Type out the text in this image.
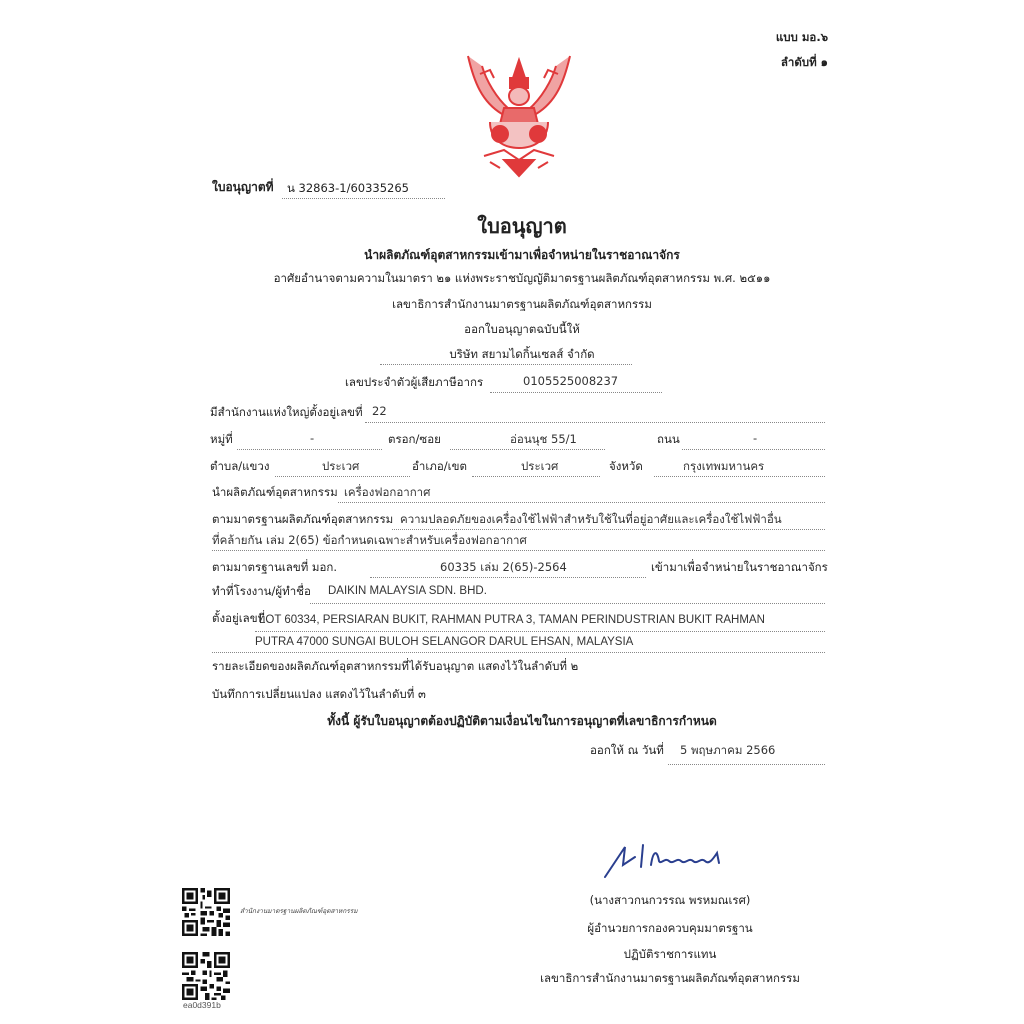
แบบ มอ.๖
ลำดับที่ ๑
ใบอนุญาตที่ น 32863-1/60335265
ใบอนุญาต
นำผลิตภัณฑ์อุตสาหกรรมเข้ามาเพื่อจำหน่ายในราชอาณาจักร
อาศัยอำนาจตามความในมาตรา ๒๑ แห่งพระราชบัญญัติมาตรฐานผลิตภัณฑ์อุตสาหกรรม พ.ศ. ๒๕๑๑
เลขาธิการสำนักงานมาตรฐานผลิตภัณฑ์อุตสาหกรรม
ออกใบอนุญาตฉบับนี้ให้
บริษัท สยามไดกิ้นเซลส์ จำกัด
เลขประจำตัวผู้เสียภาษีอากร	0105525008237
มีสำนักงานแห่งใหญ่ตั้งอยู่เลขที่ 22
หมู่ที่	-	ตรอก/ซอย	อ่อนนุช 55/1	ถนน	-
ตำบล/แขวง	ประเวศ	อำเภอ/เขต	ประเวศ	จังหวัด	กรุงเทพมหานคร
นำผลิตภัณฑ์อุตสาหกรรม เครื่องฟอกอากาศ
ตามมาตรฐานผลิตภัณฑ์อุตสาหกรรม ความปลอดภัยของเครื่องใช้ไฟฟ้าสำหรับใช้ในที่อยู่อาศัยและเครื่องใช้ไฟฟ้าอื่น
ที่คล้ายกัน เล่ม 2(65) ข้อกำหนดเฉพาะสำหรับเครื่องฟอกอากาศ
ตามมาตรฐานเลขที่ มอก.	60335 เล่ม 2(65)-2564	เข้ามาเพื่อจำหน่ายในราชอาณาจักร
ทำที่โรงงาน/ผู้ทำชื่อ DAIKIN MALAYSIA SDN. BHD.
ตั้งอยู่เลขที่
LOT 60334, PERSIARAN BUKIT, RAHMAN PUTRA 3, TAMAN PERINDUSTRIAN BUKIT RAHMAN
PUTRA 47000 SUNGAI BULOH SELANGOR DARUL EHSAN, MALAYSIA
รายละเอียดของผลิตภัณฑ์อุตสาหกรรมที่ได้รับอนุญาต แสดงไว้ในลำดับที่ ๒
บันทึกการเปลี่ยนแปลง แสดงไว้ในลำดับที่ ๓
ทั้งนี้ ผู้รับใบอนุญาตต้องปฏิบัติตามเงื่อนไขในการอนุญาตที่เลขาธิการกำหนด
ออกให้ ณ วันที่ 5 พฤษภาคม 2566
(นางสาวกนกวรรณ พรหมณเรศ)
ผู้อำนวยการกองควบคุมมาตรฐาน
ปฏิบัติราชการแทน
เลขาธิการสำนักงานมาตรฐานผลิตภัณฑ์อุตสาหกรรม
สำนักงานมาตรฐานผลิตภัณฑ์อุตสาหกรรม
ea0d391b
